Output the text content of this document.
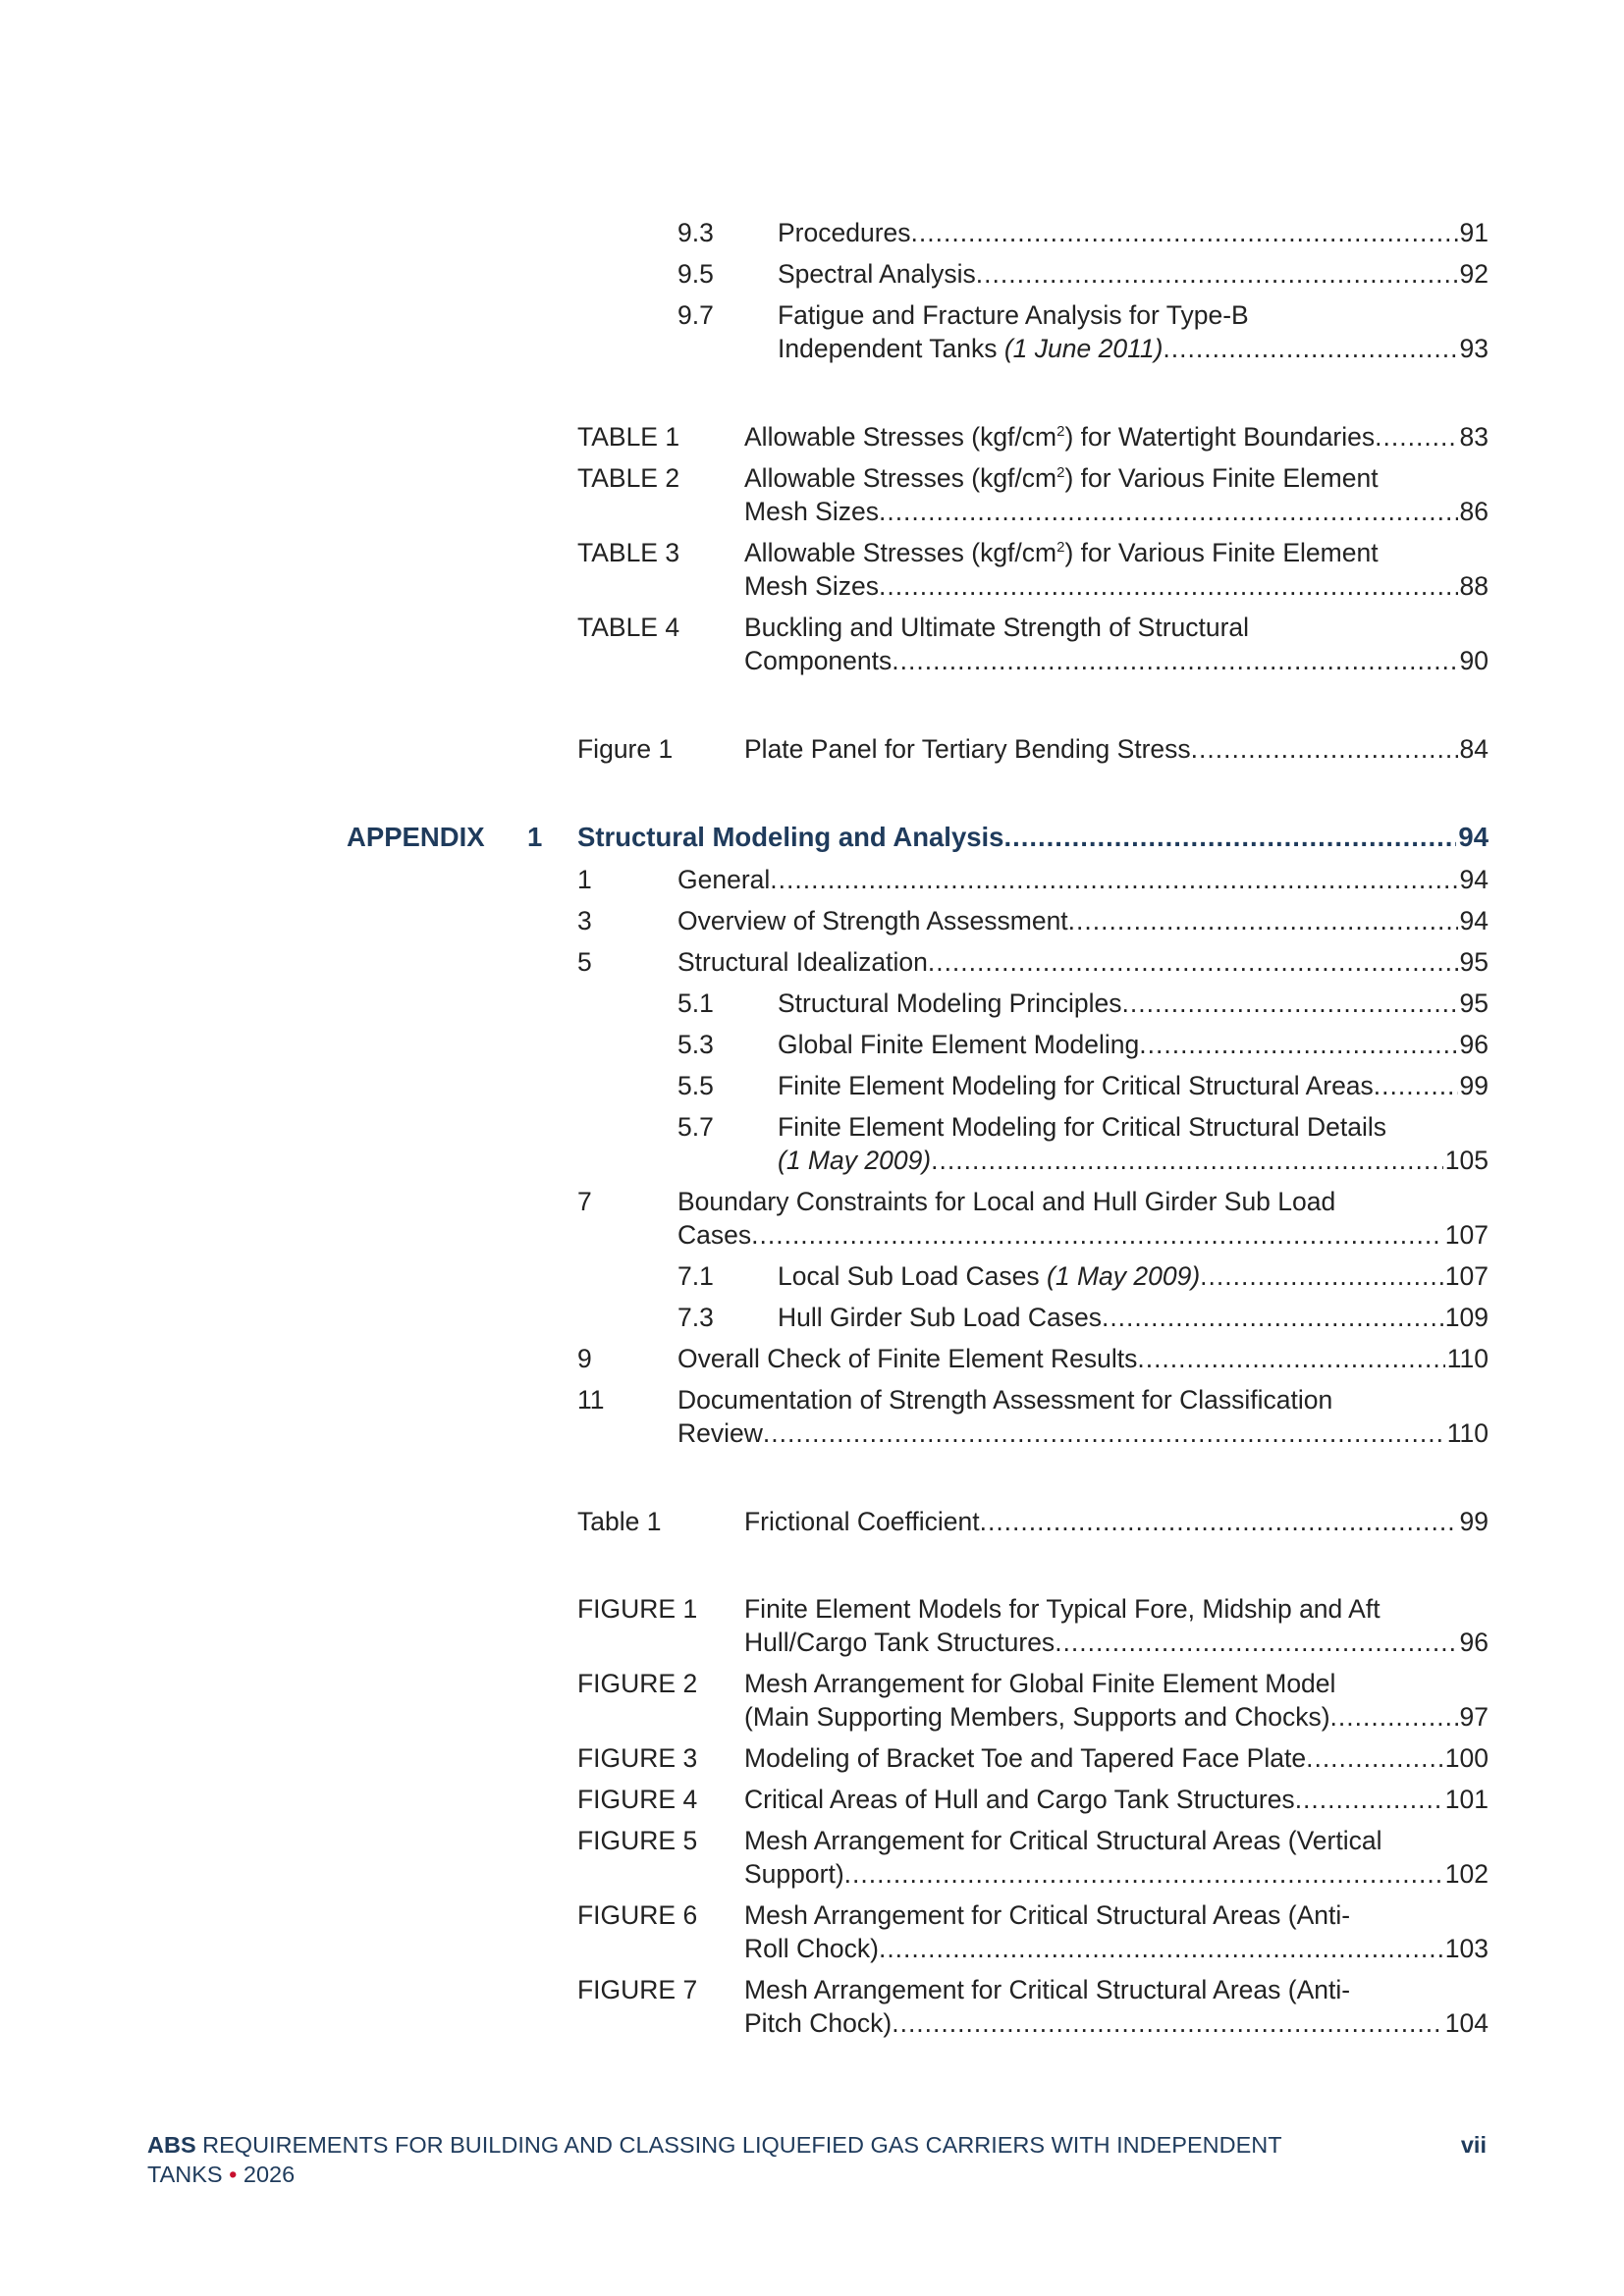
9.3 Procedures .....	91
9.5 Spectral Analysis .....	92
9.7 Fatigue and Fracture Analysis for Type-B
Independent Tanks (1 June 2011) .....	93
TABLE 1 Allowable Stresses $(kgf/cm^2)$ for Watertight Boundaries .....	83
TABLE 2 Allowable Stresses $(kgf/cm^2)$ for Various Finite Element
Mesh Sizes .....	86
TABLE 3 Allowable Stresses $(kgf/cm^2)$ for Various Finite Element
Mesh Sizes .....	88
TABLE 4 Buckling and Ultimate Strength of Structural
Components .....	90
Figure 1	Plate Panel for Tertiary Bending Stress .....	84
APPENDIX 1 Structural Modeling and Analysis .....	94
1	General .....	94
3	Overview of Strength Assessment .....	94
5	Structural Idealization .....	95
5.1 Structural Modeling Principles .....	95
5.3 Global Finite Element Modeling .....	96
5.5 Finite Element Modeling for Critical Structural Areas .....	99
5.7 Finite Element Modeling for Critical Structural Details
(1 May 2009) .....	105
7	Boundary Constraints for Local and Hull Girder Sub Load
Cases .....	107
7.1 Local Sub Load Cases (1 May 2009) .....	107
7.3 Hull Girder Sub Load Cases .....	109
9	Overall Check of Finite Element Results .....	110
11	Documentation of Strength Assessment for Classification
Review .....	110
Table 1	Frictional Coefficient .....	99
FIGURE 1 Finite Element Models for Typical Fore, Midship and Aft
Hull/Cargo Tank Structures .....	96
FIGURE 2 Mesh Arrangement for Global Finite Element Model
(Main Supporting Members, Supports and Chocks) .....	97
FIGURE 3 Modeling of Bracket Toe and Tapered Face Plate .....	100
FIGURE 4 Critical Areas of Hull and Cargo Tank Structures .....	101
FIGURE 5 Mesh Arrangement for Critical Structural Areas (Vertical
Support) .....	102
FIGURE 6 Mesh Arrangement for Critical Structural Areas (Anti-
Roll Chock) .....	103
FIGURE 7 Mesh Arrangement for Critical Structural Areas (Anti-
Pitch Chock) .....	104
ABS REQUIREMENTS FOR BUILDING AND CLASSING LIQUEFIED GAS CARRIERS WITH INDEPENDENT
TANKS • 2026
vii
